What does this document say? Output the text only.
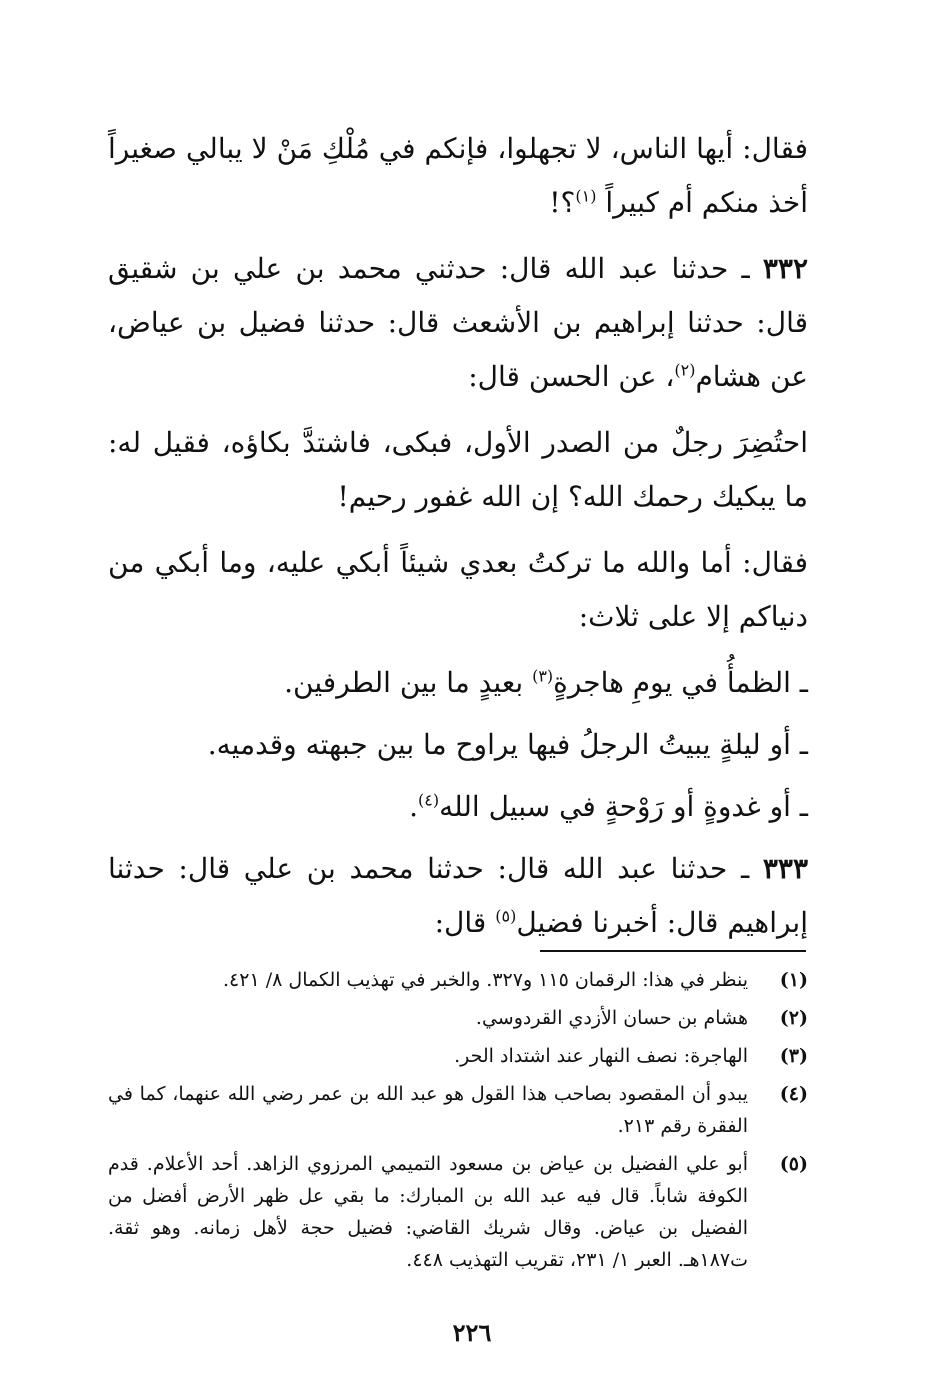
فقال: أيها الناس، لا تجهلوا، فإنكم في مُلْكِ مَنْ لا يبالي صغيراً أخذ منكم أم كبيراً $^{(١)}$؟!

٣٣٢ ـ حدثنا عبد الله قال: حدثني محمد بن علي بن شقيق قال: حدثنا إبراهيم بن الأشعث قال: حدثنا فضيل بن عياض، عن هشام$^{(٢)}$، عن الحسن قال:

احتُضِرَ رجلٌ من الصدر الأول، فبكى، فاشتدَّ بكاؤه، فقيل له: ما يبكيك رحمك الله؟ إن الله غفور رحيم!

فقال: أما والله ما تركتُ بعدي شيئاً أبكي عليه، وما أبكي من دنياكم إلا على ثلاث:

ـ الظمأُ في يومِ هاجرةٍ$^{(٣)}$ بعيدٍ ما بين الطرفين.

ـ أو ليلةٍ يبيتُ الرجلُ فيها يراوح ما بين جبهته وقدميه.

ـ أو غدوةٍ أو رَوْحةٍ في سبيل الله$^{(٤)}$.

٣٣٣ ـ حدثنا عبد الله قال: حدثنا محمد بن علي قال: حدثنا إبراهيم قال: أخبرنا فضيل$^{(٥)}$ قال:

(١)
ينظر في هذا: الرقمان ١١٥ و٣٢٧. والخبر في تهذيب الكمال ٨/ ٤٢١.
(٢)
هشام بن حسان الأزدي القردوسي.
(٣)
الهاجرة: نصف النهار عند اشتداد الحر.
(٤)
يبدو أن المقصود بصاحب هذا القول هو عبد الله بن عمر رضي الله عنهما، كما في الفقرة رقم ٢١٣.
(٥)
أبو علي الفضيل بن عياض بن مسعود التميمي المرزوي الزاهد. أحد الأعلام. قدم الكوفة شاباً. قال فيه عبد الله بن المبارك: ما بقي عل ظهر الأرض أفضل من الفضيل بن عياض. وقال شريك القاضي: فضيل حجة لأهل زمانه. وهو ثقة. ت١٨٧هـ. العبر ١/ ٢٣١، تقريب التهذيب ٤٤٨.
٢٢٦
